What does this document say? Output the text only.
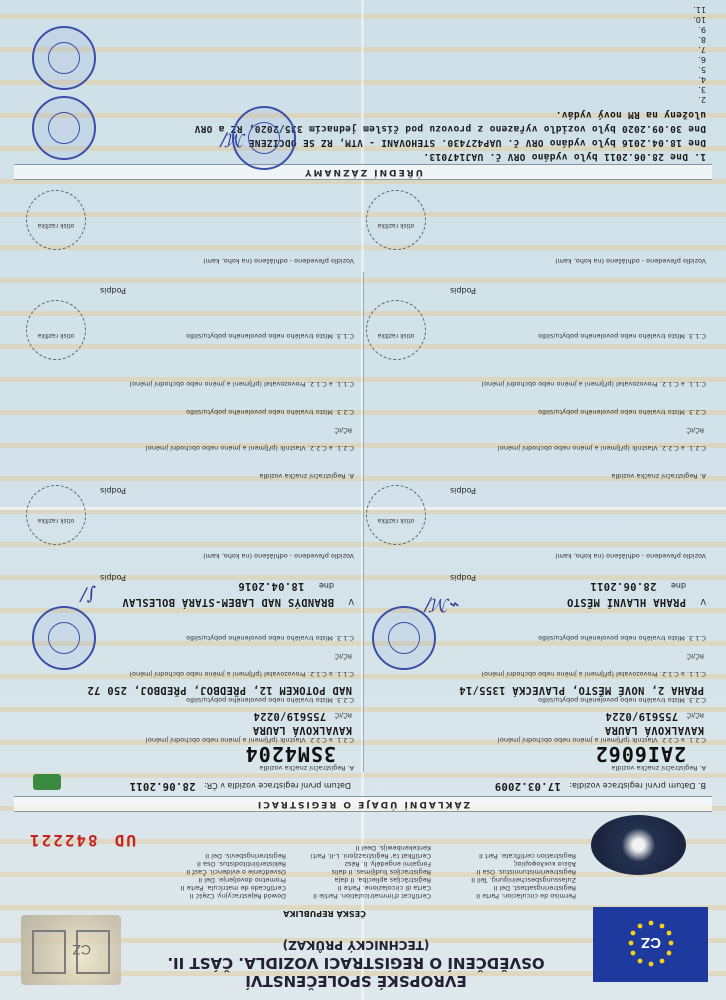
CZ
EVROPSKÉ SPOLEČENSTVÍ
OSVĚDČENÍ O REGISTRACI VOZIDLA. ČÁST II.
(TECHNICKÝ PRŮKAZ)
ČESKÁ REPUBLIKA
CZ
Permiso de circulacion. Parte II
Registreringsattest. Del II
Zulassungsbescheinigung. Teil II
Registreerimistunnistus. Osa II
Άδεια κυκλοφορίας
Registration certificate. Part II
Certificat d'immatriculation. Partie II
Carta di circolazione. Parte II
Reģistrācijas apliecība. II daļa
Registracijos liudijimas. II dalis
Forgalmi engedély. II. Rész
Certifikat ta' Reġistrazzjoni. L-II. Parti
Kentekenbewijs. Deel II
Dowód Rejestracyjny. Część II
Certificado de matrícula. Parte II
Prometno dovoljenje. Del II
Osvedčenie o evidencii. Časť II
Rekisteröintitodistus. Osa II
Registreringsbevis. Del II
UD 842221
ZÁKLADNÍ ÚDAJE O REGISTRACI
B. Datum první registrace vozidla: 17.03.2009
Datum první registrace vozidla v ČR: 28.06.2011
A. Registrační značka vozidla
2AI6062
A. Registrační značka vozidla
3SM4204
C.2.1. a C.2.2. Vlastník (příjmení a jméno nebo obchodní jméno)
KAVALKOVÁ LAURA
C.2.1. a C.2.2. Vlastník (příjmení a jméno nebo obchodní jméno)
KAVALKOVÁ LAURA
RČ/IČ 755619/0224
RČ/IČ 755619/0224
C.2.3. Místo trvalého nebo povoleného pobytu/sídlo
PRAHA 2, NOVÉ MĚSTO, PLAVECKÁ 1355/14
C.2.3. Místo trvalého nebo povoleného pobytu/sídlo
NAD POTOKEM 12, PŘEDBOJ, PŘEDBOJ, 250 72
C.1.1. a C.1.2. Provozovatel (příjmení a jméno nebo obchodní jméno)
C.1.1. a C.1.2. Provozovatel (příjmení a jméno nebo obchodní jméno)
RČ/IČ
RČ/IČ
C.1.3. Místo trvalého nebo povoleného pobytu/sídlo
C.1.3. Místo trvalého nebo povoleného pobytu/sídlo
V PRAHA HLAVNÍ MĚSTO
dne 28.06.2011
V BRANDÝS NAD LABEM-STARÁ BOLESLAV
dne 18.04.2016
Podpis
Podpis
⌁ℳ∕
∫∕
Vozidlo převedeno - odhlášeno (na koho, kam)
Vozidlo převedeno - odhlášeno (na koho, kam)
otisk razítka
otisk razítka
Podpis
Podpis
A. Registrační značka vozidla
A. Registrační značka vozidla
C.2.1. a C.2.2. Vlastník (příjmení a jméno nebo obchodní jméno)
C.2.1. a C.2.2. Vlastník (příjmení a jméno nebo obchodní jméno)
RČ/IČ
RČ/IČ
C.2.3. Místo trvalého nebo povoleného pobytu/sídlo
C.2.3. Místo trvalého nebo povoleného pobytu/sídlo
C.1.1. a C.1.2. Provozovatel (příjmení a jméno nebo obchodní jméno)
C.1.1. a C.1.2. Provozovatel (příjmení a jméno nebo obchodní jméno)
C.1.3. Místo trvalého nebo povoleného pobytu/sídlo
C.1.3. Místo trvalého nebo povoleného pobytu/sídlo	otisk razítka
otisk razítka
Podpis
Podpis
Vozidlo převedeno - odhlášeno (na koho, kam)
Vozidlo převedeno - odhlášeno (na koho, kam)
otisk razítka
otisk razítka
ÚŘEDNÍ ZÁZNAMY
1. Dne 28.06.2011 bylo vydáno ORV č. UAJ147013.
Dne 18.04.2016 bylo vydáno ORV č. UAP427430. STEHOVANI - VTM, RZ SE ODCIZENE
Dne 30.09.2020 bylo vozidlo vyřazeno z provozu pod číslem jednacím 335/2020, RZ a ORV
uloženy na RM nový vydáv.
ℳ∕
2.
3.
4.
5.
6.
7.
8.
9.
10.
11.
